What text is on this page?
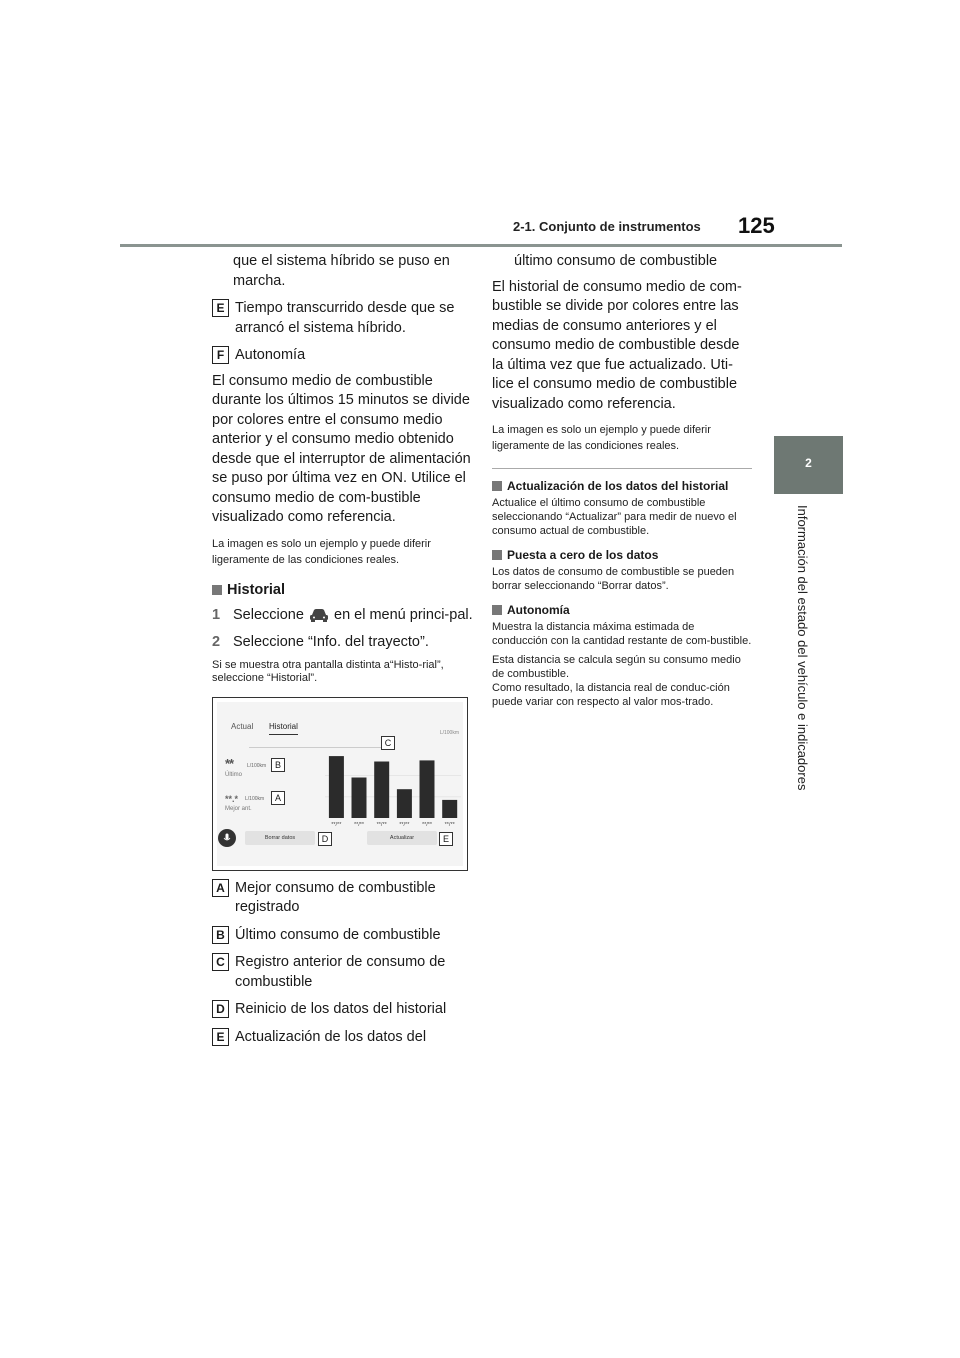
2-1. Conjunto de instrumentos 125
2
Información del estado del vehículo e indicadores

que el sistema híbrido se puso en marcha.

E Tiempo transcurrido desde que se arrancó el sistema híbrido.
F Autonomía

El consumo medio de combustible durante los últimos 15 minutos se divide por colores entre el consumo medio anterior y el consumo medio obtenido desde que el interruptor de alimentación se puso por última vez en ON. Utilice el consumo medio de com-bustible visualizado como referencia.

La imagen es solo un ejemplo y puede diferir ligeramente de las condiciones reales.

Historial
1 Seleccione en el menú princi-pal.
2 Seleccione “Info. del trayecto”.

Si se muestra otra pantalla distinta a“Histo-rial”, seleccione “Historial”.

Actual Historial
L/100km
**	L/100km
Último
B
**.* L/100km
Mejor ant.
A
C
**/** **/** **/** **/** **/** **/**
Borrar datos	D	Actualizar	E
A Mejor consumo de combustible registrado
B Último consumo de combustible
C Registro anterior de consumo de combustible
D Reinicio de los datos del historial
E Actualización de los datos del

último consumo de combustible

El historial de consumo medio de com-bustible se divide por colores entre las medias de consumo anteriores y el consumo medio de combustible desde la última vez que fue actualizado. Uti-lice el consumo medio de combustible visualizado como referencia.

La imagen es solo un ejemplo y puede diferir ligeramente de las condiciones reales.

Actualización de los datos del historial

Actualice el último consumo de combustible seleccionando “Actualizar” para medir de nuevo el consumo actual de combustible.

Puesta a cero de los datos

Los datos de consumo de combustible se pueden borrar seleccionando “Borrar datos”.

Autonomía

Muestra la distancia máxima estimada de conducción con la cantidad restante de com-bustible.

Esta distancia se calcula según su consumo medio de combustible.

Como resultado, la distancia real de conduc-ción puede variar con respecto al valor mos-trado.
